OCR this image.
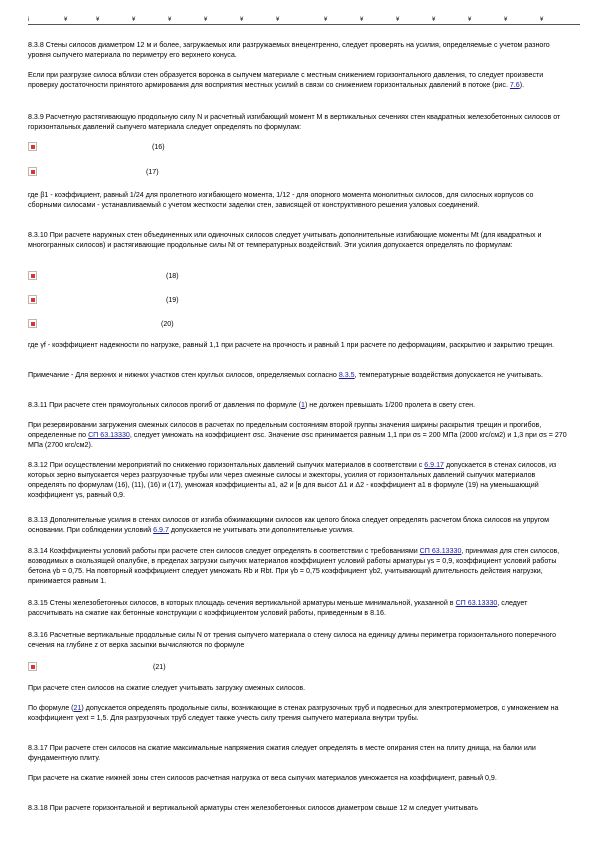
i	¥	¥	¥	¥	¥	¥	¥	¥	¥	¥	¥	¥	¥	¥

8.3.8 Стены силосов диаметром 12 м и более, загружаемых или разгружаемых внецентренно, следует проверять на усилия, определяемые с учетом разного уровня сыпучего материала по периметру его верхнего конуса.

Если при разгрузке силоса вблизи стен образуется воронка в сыпучем материале с местным снижением горизонтального давления, то следует произвести проверку достаточности принятого армирования для восприятия местных усилий в связи со снижением горизонтальных давлений в потоке (рис. 7.6).

8.3.9 Расчетную растягивающую продольную силу N и расчетный изгибающий момент M в вертикальных сечениях стен квадратных железобетонных силосов от горизонтальных давлений сыпучего материала следует определять по формулам:

(16)
(17)

где β1 - коэффициент, равный 1/24 для пролетного изгибающего момента, 1/12 - для опорного момента монолитных силосов, для силосных корпусов со сборными силосами - устанавливаемый с учетом жесткости заделки стен, зависящей от конструктивного решения узловых соединений.

8.3.10 При расчете наружных стен объединенных или одиночных силосов следует учитывать дополнительные изгибающие моменты Mt (для квадратных и многогранных силосов) и растягивающие продольные силы Nt от температурных воздействий. Эти усилия допускается определять по формулам:

(18)
(19)
(20)

где γf - коэффициент надежности по нагрузке, равный 1,1 при расчете на прочность и равный 1 при расчете по деформациям, раскрытию и закрытию трещин.

Примечание - Для верхних и нижних участков стен круглых силосов, определяемых согласно 8.3.5, температурные воздействия допускается не учитывать.

8.3.11 При расчете стен прямоугольных силосов прогиб от давления по формуле (1) не должен превышать 1/200 пролета в свету стен.

При резервировании загружения смежных силосов в расчетах по предельным состояниям второй группы значения ширины раскрытия трещин и прогибов, определенные по СП 63.13330, следует умножать на коэффициент σsc. Значение σsc принимается равным 1,1 при σs = 200 МПа (2000 кгс/см2) и 1,3 при σs = 270 МПа (2700 кгс/см2).

8.3.12 При осуществлении мероприятий по снижению горизонтальных давлений сыпучих материалов в соответствии с 6.9.17 допускается в стенах силосов, из которых зерно выпускается через разгрузочные трубы или через смежные силосы и эжекторы, усилия от горизонтальных давлений сыпучих материалов определять по формулам (16), (11), (16) и (17), умножая коэффициенты a1, a2 и [в для высот Δ1 и Δ2 - коэффициент a1 в формуле (19) на уменьшающий коэффициент γs, равный 0,9.

8.3.13 Дополнительные усилия в стенах силосов от изгиба обжимающими силосов как целого блока следует определять расчетом блока силосов на упругом основании. При соблюдении условий 6.9.7 допускается не учитывать эти дополнительные усилия.

8.3.14 Коэффициенты условий работы при расчете стен силосов следует определять в соответствии с требованиями СП 63.13330, принимая для стен силосов, возводимых в скользящей опалубке, в пределах загрузки сыпучих материалов коэффициент условий работы арматуры γs = 0,9, коэффициент условий работы бетона γb = 0,75. На повторный коэффициент следует умножать Rb и Rbt. При γb = 0,75 коэффициент γb2, учитывающий длительность действия нагрузки, принимается равным 1.

8.3.15 Стены железобетонных силосов, в которых площадь сечения вертикальной арматуры меньше минимальной, указанной в СП 63.13330, следует рассчитывать на сжатие как бетонные конструкции с коэффициентом условий работы, приведенным в 8.16.

8.3.16 Расчетные вертикальные продольные силы N от трения сыпучего материала о стену силоса на единицу длины периметра горизонтального поперечного сечения на глубине z от верха засыпки вычисляются по формуле

(21)

При расчете стен силосов на сжатие следует учитывать загрузку смежных силосов.

По формуле (21) допускается определять продольные силы, возникающие в стенах разгрузочных труб и подвесных для электротермометров, с умножением на коэффициент γext = 1,5. Для разгрузочных труб следует также учесть силу трения сыпучего материала внутри трубы.

8.3.17 При расчете стен силосов на сжатие максимальные напряжения сжатия следует определять в месте опирания стен на плиту днища, на балки или фундаментную плиту.

При расчете на сжатие нижней зоны стен силосов расчетная нагрузка от веса сыпучих материалов умножается на коэффициент, равный 0,9.

8.3.18 При расчете горизонтальной и вертикальной арматуры стен железобетонных силосов диаметром свыше 12 м следует учитывать
